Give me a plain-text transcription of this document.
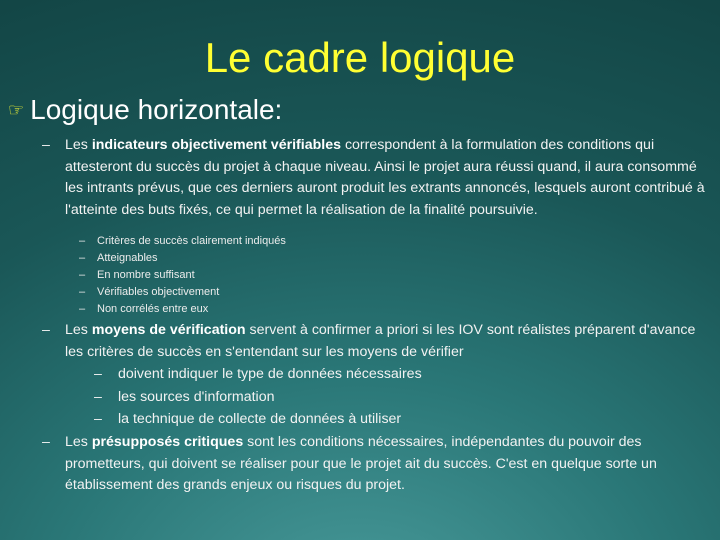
Le cadre logique
☞ Logique horizontale:
–	Les indicateurs objectivement vérifiables correspondent à la formulation des conditions qui attesteront du succès du projet à chaque niveau. Ainsi le projet aura réussi quand, il aura consommé les intrants prévus, que ces derniers auront produit les extrants annoncés, lesquels auront contribué à l'atteinte des buts fixés, ce qui permet la réalisation de la finalité poursuivie.
–	Critères de succès clairement indiqués
–	Atteignables
–	En nombre suffisant
–	Vérifiables objectivement
–	Non corrélés entre eux
–	Les moyens de vérification servent à confirmer a priori si les IOV sont réalistes préparent d'avance les critères de succès en s'entendant sur les moyens de vérifier
–	doivent indiquer le type de données nécessaires
–	les sources d'information
–	la technique de collecte de données à utiliser
–	Les présupposés critiques sont les conditions nécessaires, indépendantes du pouvoir des prometteurs, qui doivent se réaliser pour que le projet ait du succès. C'est en quelque sorte un établissement des grands enjeux ou risques du projet.
